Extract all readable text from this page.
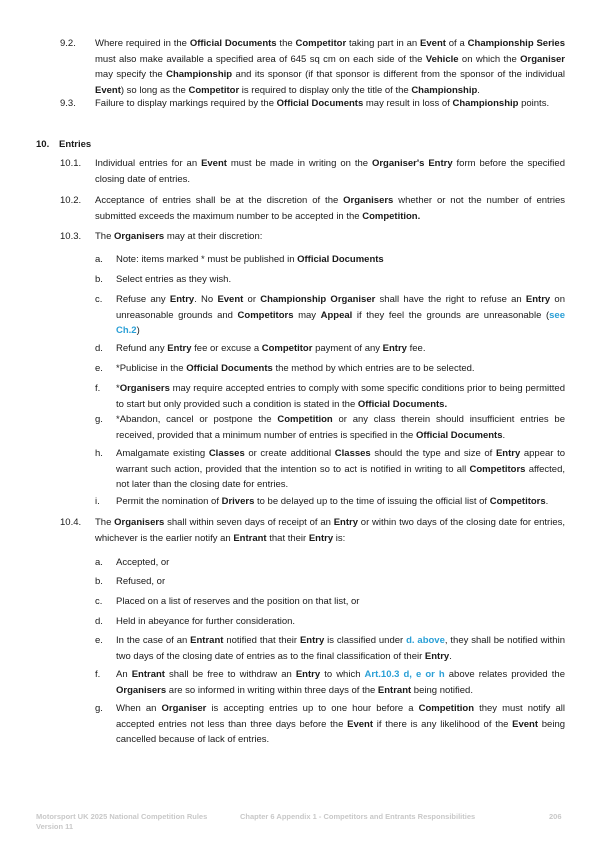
9.2. Where required in the Official Documents the Competitor taking part in an Event of a Championship Series must also make available a specified area of 645 sq cm on each side of the Vehicle on which the Organiser may specify the Championship and its sponsor (if that sponsor is different from the sponsor of the individual Event) so long as the Competitor is required to display only the title of the Championship.
9.3. Failure to display markings required by the Official Documents may result in loss of Championship points.
10. Entries
10.1. Individual entries for an Event must be made in writing on the Organiser's Entry form before the specified closing date of entries.
10.2. Acceptance of entries shall be at the discretion of the Organisers whether or not the number of entries submitted exceeds the maximum number to be accepted in the Competition.
10.3. The Organisers may at their discretion:
a. Note: items marked * must be published in Official Documents
b. Select entries as they wish.
c. Refuse any Entry. No Event or Championship Organiser shall have the right to refuse an Entry on unreasonable grounds and Competitors may Appeal if they feel the grounds are unreasonable (see Ch.2)
d. Refund any Entry fee or excuse a Competitor payment of any Entry fee.
e. *Publicise in the Official Documents the method by which entries are to be selected.
f. *Organisers may require accepted entries to comply with some specific conditions prior to being permitted to start but only provided such a condition is stated in the Official Documents.
g. *Abandon, cancel or postpone the Competition or any class therein should insufficient entries be received, provided that a minimum number of entries is specified in the Official Documents.
h. Amalgamate existing Classes or create additional Classes should the type and size of Entry appear to warrant such action, provided that the intention so to act is notified in writing to all Competitors affected, not later than the closing date for entries.
i. Permit the nomination of Drivers to be delayed up to the time of issuing the official list of Competitors.
10.4. The Organisers shall within seven days of receipt of an Entry or within two days of the closing date for entries, whichever is the earlier notify an Entrant that their Entry is:
a. Accepted, or
b. Refused, or
c. Placed on a list of reserves and the position on that list, or
d. Held in abeyance for further consideration.
e. In the case of an Entrant notified that their Entry is classified under d. above, they shall be notified within two days of the closing date of entries as to the final classification of their Entry.
f. An Entrant shall be free to withdraw an Entry to which Art.10.3 d, e or h above relates provided the Organisers are so informed in writing within three days of the Entrant being notified.
g. When an Organiser is accepting entries up to one hour before a Competition they must notify all accepted entries not less than three days before the Event if there is any likelihood of the Event being cancelled because of lack of entries.
Motorsport UK 2025 National Competition Rules
Version 11
Chapter 6 Appendix 1 - Competitors and Entrants Responsibilities	206
